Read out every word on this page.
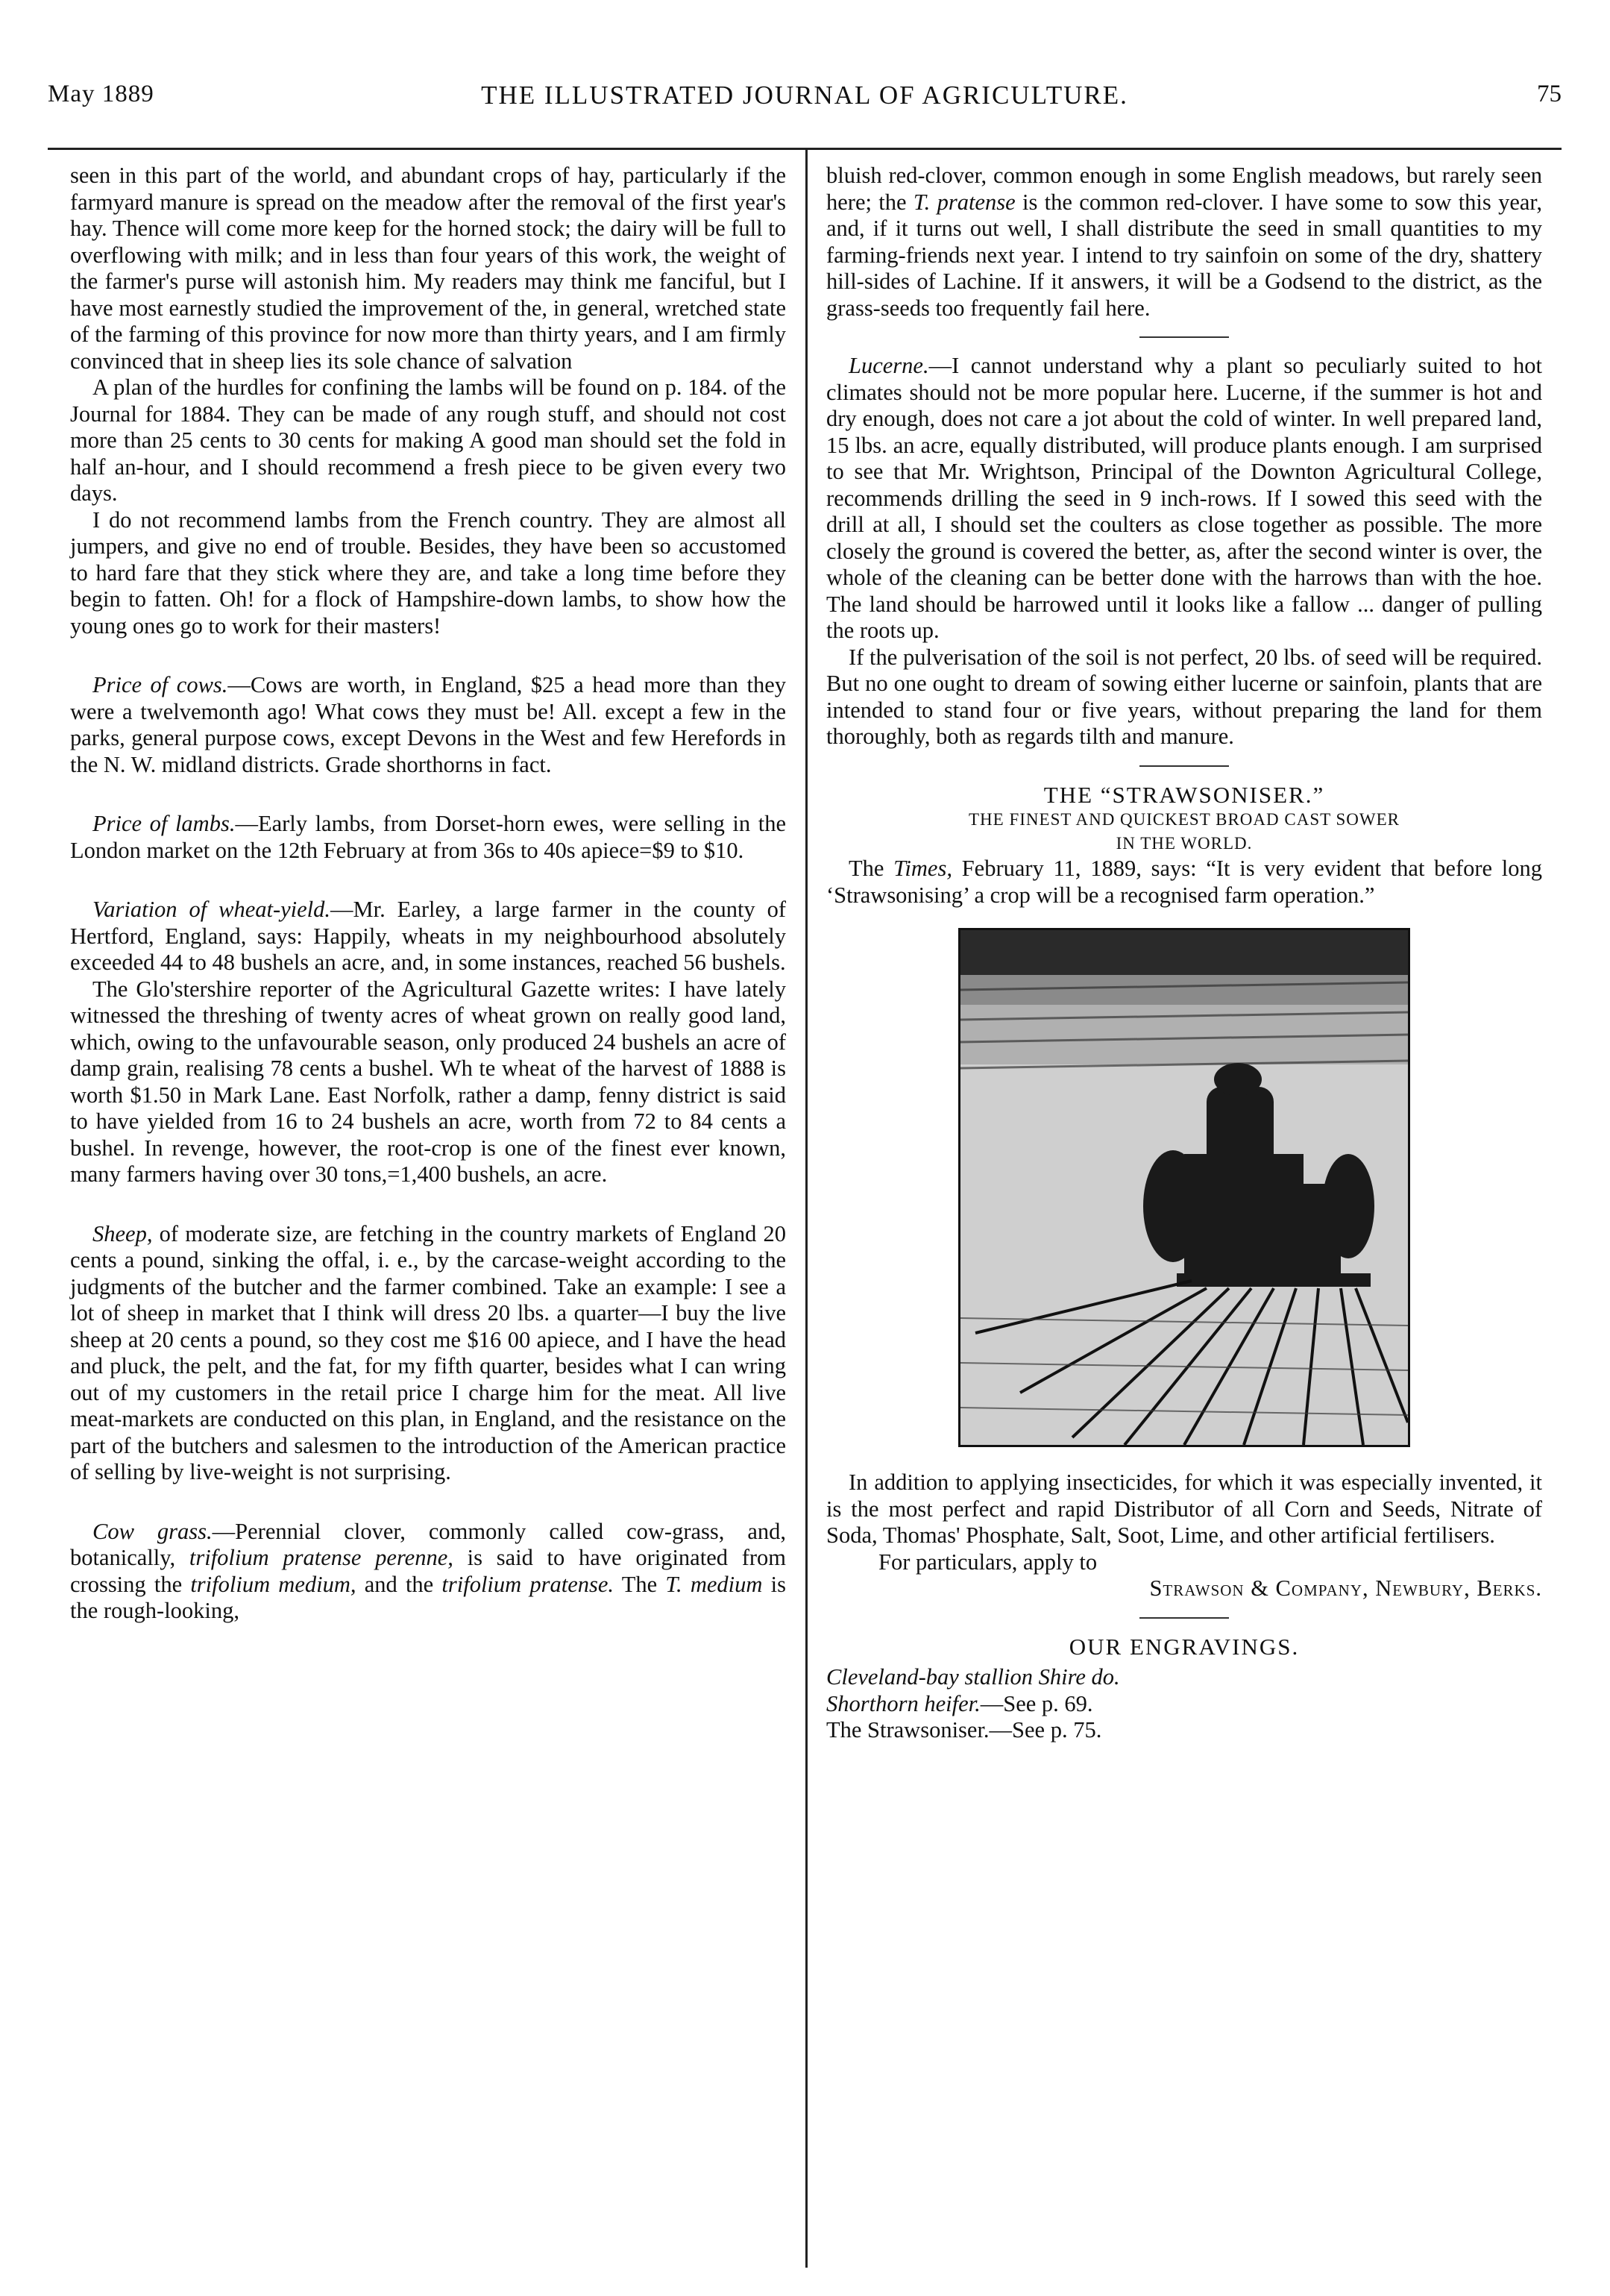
May 1889	THE ILLUSTRATED JOURNAL OF AGRICULTURE.	75

seen in this part of the world, and abundant crops of hay, particularly if the farmyard manure is spread on the meadow after the removal of the first year's hay. Thence will come more keep for the horned stock; the dairy will be full to overflowing with milk; and in less than four years of this work, the weight of the farmer's purse will astonish him. My readers may think me fanciful, but I have most earnestly studied the improvement of the, in general, wretched state of the farming of this province for now more than thirty years, and I am firmly convinced that in sheep lies its sole chance of salvation

A plan of the hurdles for confining the lambs will be found on p. 184. of the Journal for 1884. They can be made of any rough stuff, and should not cost more than 25 cents to 30 cents for making A good man should set the fold in half an-hour, and I should recommend a fresh piece to be given every two days.

I do not recommend lambs from the French country. They are almost all jumpers, and give no end of trouble. Besides, they have been so accustomed to hard fare that they stick where they are, and take a long time before they begin to fatten. Oh! for a flock of Hampshire-down lambs, to show how the young ones go to work for their masters!

Price of cows.—Cows are worth, in England, $25 a head more than they were a twelvemonth ago! What cows they must be! All. except a few in the parks, general purpose cows, except Devons in the West and few Herefords in the N. W. midland districts. Grade shorthorns in fact.

Price of lambs.—Early lambs, from Dorset-horn ewes, were selling in the London market on the 12th February at from 36s to 40s apiece=$9 to $10.

Variation of wheat-yield.—Mr. Earley, a large farmer in the county of Hertford, England, says: Happily, wheats in my neighbourhood absolutely exceeded 44 to 48 bushels an acre, and, in some instances, reached 56 bushels.

The Glo'stershire reporter of the Agricultural Gazette writes: I have lately witnessed the threshing of twenty acres of wheat grown on really good land, which, owing to the unfavourable season, only produced 24 bushels an acre of damp grain, realising 78 cents a bushel. Wh te wheat of the harvest of 1888 is worth $1.50 in Mark Lane. East Norfolk, rather a damp, fenny district is said to have yielded from 16 to 24 bushels an acre, worth from 72 to 84 cents a bushel. In revenge, however, the root-crop is one of the finest ever known, many farmers having over 30 tons,=1,400 bushels, an acre.

Sheep, of moderate size, are fetching in the country markets of England 20 cents a pound, sinking the offal, i. e., by the carcase-weight according to the judgments of the butcher and the farmer combined. Take an example: I see a lot of sheep in market that I think will dress 20 lbs. a quarter—I buy the live sheep at 20 cents a pound, so they cost me $16 00 apiece, and I have the head and pluck, the pelt, and the fat, for my fifth quarter, besides what I can wring out of my customers in the retail price I charge him for the meat. All live meat-markets are conducted on this plan, in England, and the resistance on the part of the butchers and salesmen to the introduction of the American practice of selling by live-weight is not surprising.

Cow grass.—Perennial clover, commonly called cow-grass, and, botanically, trifolium pratense perenne, is said to have originated from crossing the trifolium medium, and the trifolium pratense. The T. medium is the rough-looking,

bluish red-clover, common enough in some English meadows, but rarely seen here; the T. pratense is the common red-clover. I have some to sow this year, and, if it turns out well, I shall distribute the seed in small quantities to my farming-friends next year. I intend to try sainfoin on some of the dry, shattery hill-sides of Lachine. If it answers, it will be a Godsend to the district, as the grass-seeds too frequently fail here.

Lucerne.—I cannot understand why a plant so peculiarly suited to hot climates should not be more popular here. Lucerne, if the summer is hot and dry enough, does not care a jot about the cold of winter. In well prepared land, 15 lbs. an acre, equally distributed, will produce plants enough. I am surprised to see that Mr. Wrightson, Principal of the Downton Agricultural College, recommends drilling the seed in 9 inch-rows. If I sowed this seed with the drill at all, I should set the coulters as close together as possible. The more closely the ground is covered the better, as, after the second winter is over, the whole of the cleaning can be better done with the harrows than with the hoe. The land should be harrowed until it looks like a fallow ... danger of pulling the roots up.

If the pulverisation of the soil is not perfect, 20 lbs. of seed will be required. But no one ought to dream of sowing either lucerne or sainfoin, plants that are intended to stand four or five years, without preparing the land for them thoroughly, both as regards tilth and manure.

THE “STRAWSONISER.”
THE FINEST AND QUICKEST BROAD CAST SOWER
IN THE WORLD.

The Times, February 11, 1889, says: “It is very evident that before long ‘Strawsonising’ a crop will be a recognised farm operation.”

In addition to applying insecticides, for which it was especially invented, it is the most perfect and rapid Distributor of all Corn and Seeds, Nitrate of Soda, Thomas' Phosphate, Salt, Soot, Lime, and other artificial fertilisers.

For particulars, apply to

Strawson & Company, Newbury, Berks.
OUR ENGRAVINGS.

Cleveland-bay stallion Shire do.

Shorthorn heifer.—See p. 69.

The Strawsoniser.—See p. 75.
